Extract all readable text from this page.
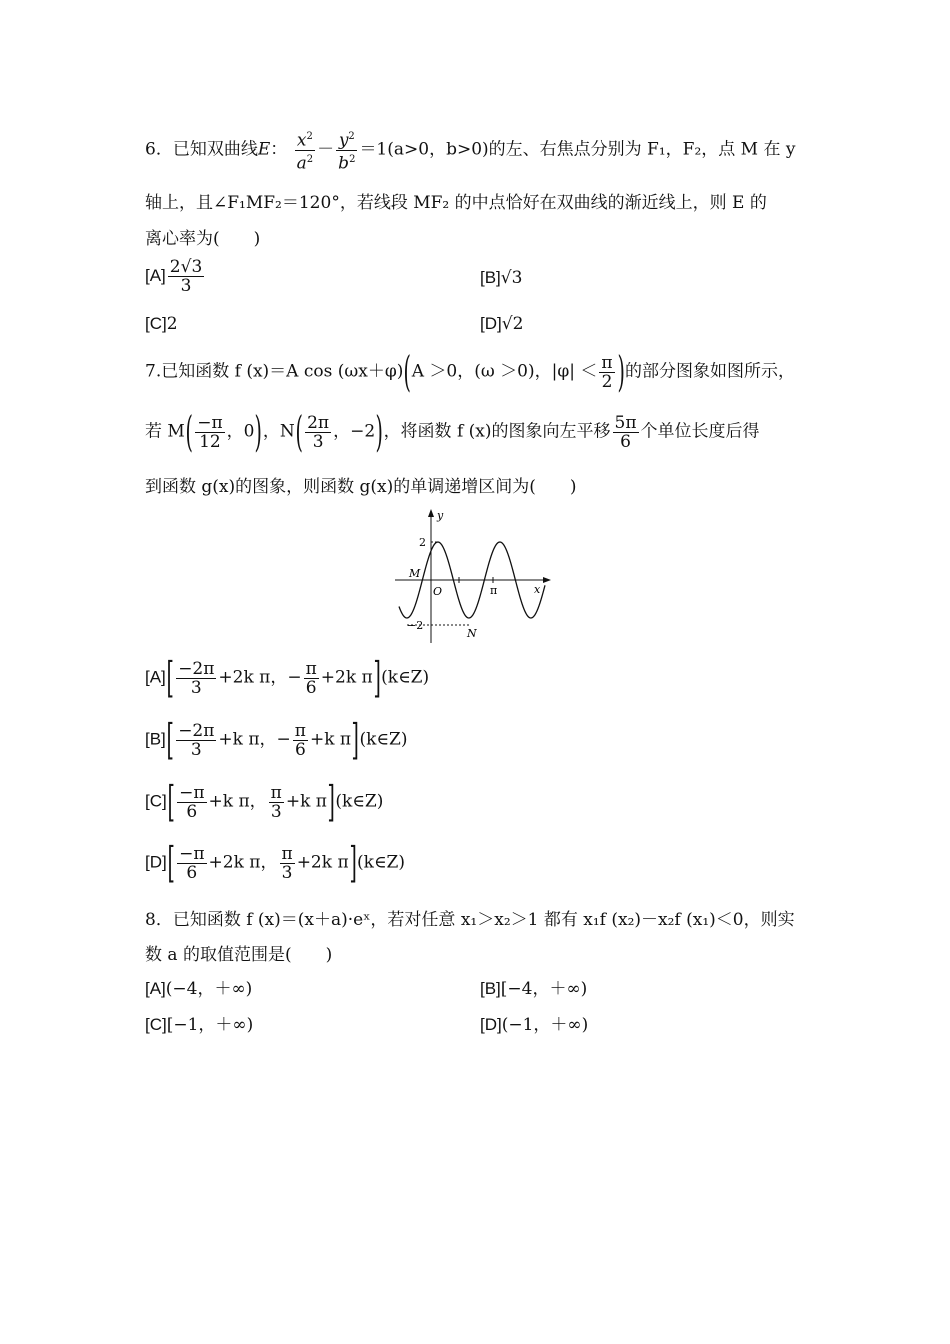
6．已知双曲线E： $\frac{x^2}{a^2} - \frac{y^2}{b^2} =1(a>0$，b>0)的左、右焦点分别为 F₁，F₂，点 M 在 y
轴上，且∠F₁MF₂＝120°，若线段 MF₂ 的中点恰好在双曲线的渐近线上，则 E 的
离心率为(　　)
$[A] \frac{2√3}{3}$	[B]√3
[C]2	[D]√2
7.已知函数 f (x)＝A cos (ωx＋φ)(A ＞0，(ω ＞0)，$|\varphi| < \frac{\pi}{2}$ )的部分图象如图所示，
若 $M( \frac{-\pi}{12}$ ，0)，$N( \frac{2\pi}{3}$ ，−2)，将函数 f (x)的图象向左平移 $\frac{5\pi}{6}$ 个单位长度后得
到函数 g(x)的图象，则函数 g(x)的单调递增区间为(　　)
y
x
2
−2
M
O	π
N
$[A][ \frac{-2\pi}{3} +2k$ π，− $\frac{\pi}{6} +2k$ π](k∈Z)
$[B][ \frac{-2\pi}{3} +k$ π，− $\frac{\pi}{6} +k$ π](k∈Z)
$[C][ \frac{-\pi}{6} +k$ π， $\frac{\pi}{3} +k$ π](k∈Z)
$[D][ \frac{-\pi}{6} +2k$ π， $\frac{\pi}{3} +2k$ π](k∈Z)
8．已知函数 f (x)＝(x＋a)·eˣ，若对任意 x₁＞x₂＞1 都有 x₁f (x₂)－x₂f (x₁)＜0，则实
数 a 的取值范围是(　　)
[A](−4，＋∞)	[B][−4，＋∞)
[C][−1，＋∞)	[D](−1，＋∞)
